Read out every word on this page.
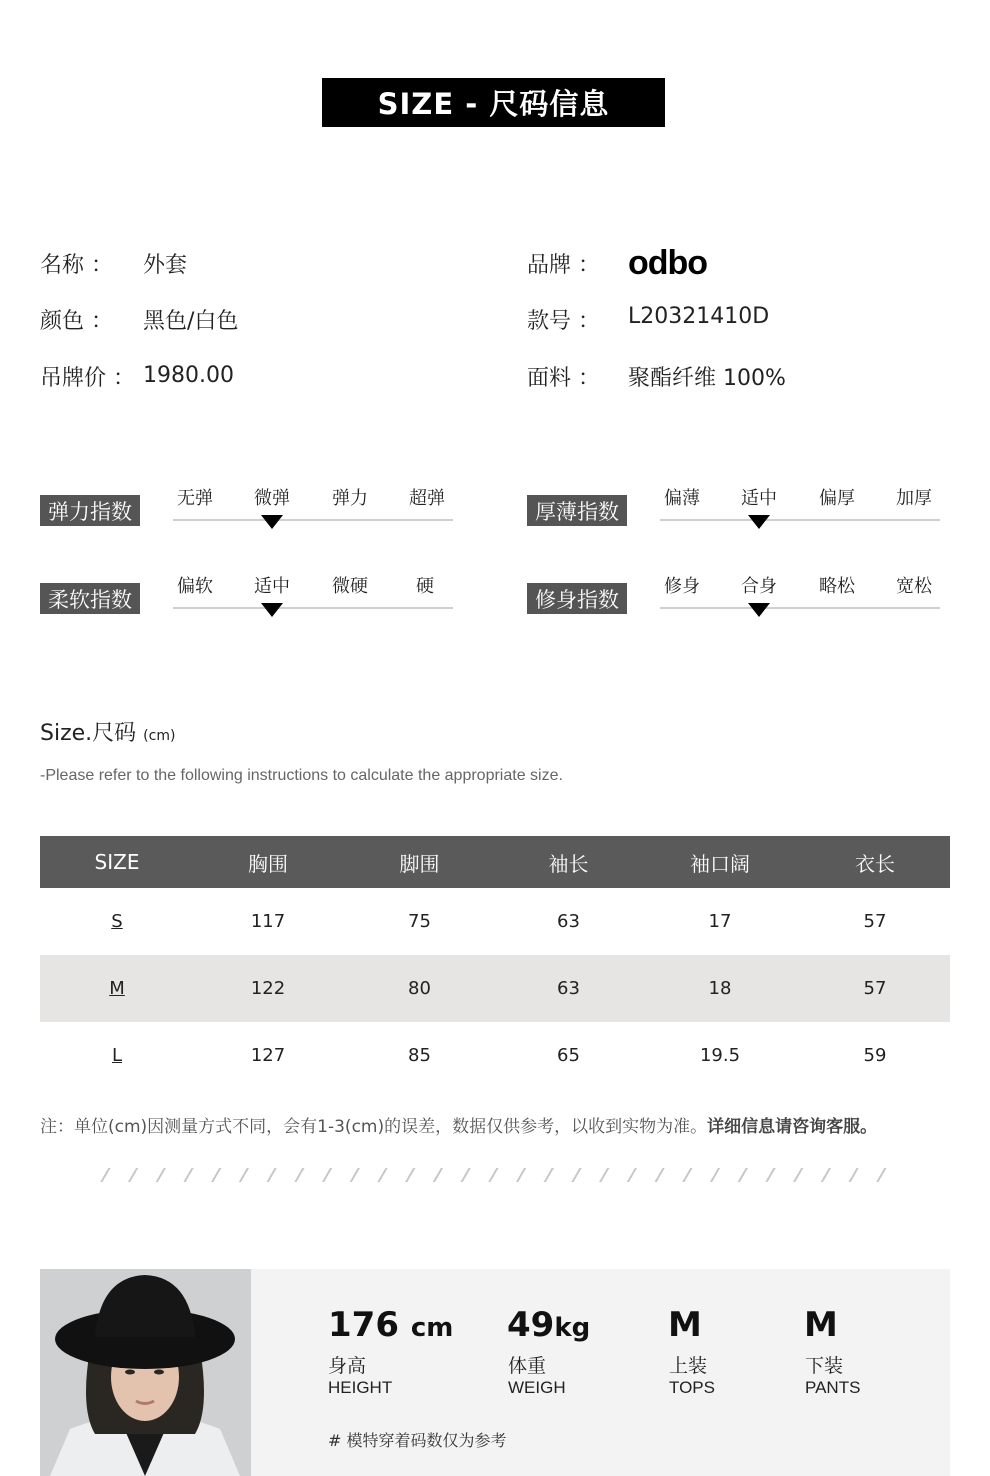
SIZE - 尺码信息
名称 ： 外套
颜色 ： 黑色/白色
吊牌价 ： 1980.00
品牌 ： odbo
款号 ： L20321410D
面料 ： 聚酯纤维 100%
弹力指数
无弹	微弹	弹力	超弹
厚薄指数
偏薄	适中	偏厚	加厚
柔软指数
偏软	适中	微硬	硬
修身指数
修身	合身	略松	宽松
Size.尺码 (cm)
-Please refer to the following instructions to calculate the appropriate size.
SIZE	胸围	脚围	袖长	袖口阔	衣长
S	117	75	63	17	57
M	122	80	63	18	57
L	127	85	65	19.5	59
注：单位(cm)因测量方式不同，会有1-3(cm)的误差，数据仅供参考，以收到实物为准。详细信息请咨询客服。
176 cm
身高
HEIGHT
49kg
体重
WEIGH
M
上装
TOPS
M
下装
PANTS
# 模特穿着码数仅为参考
